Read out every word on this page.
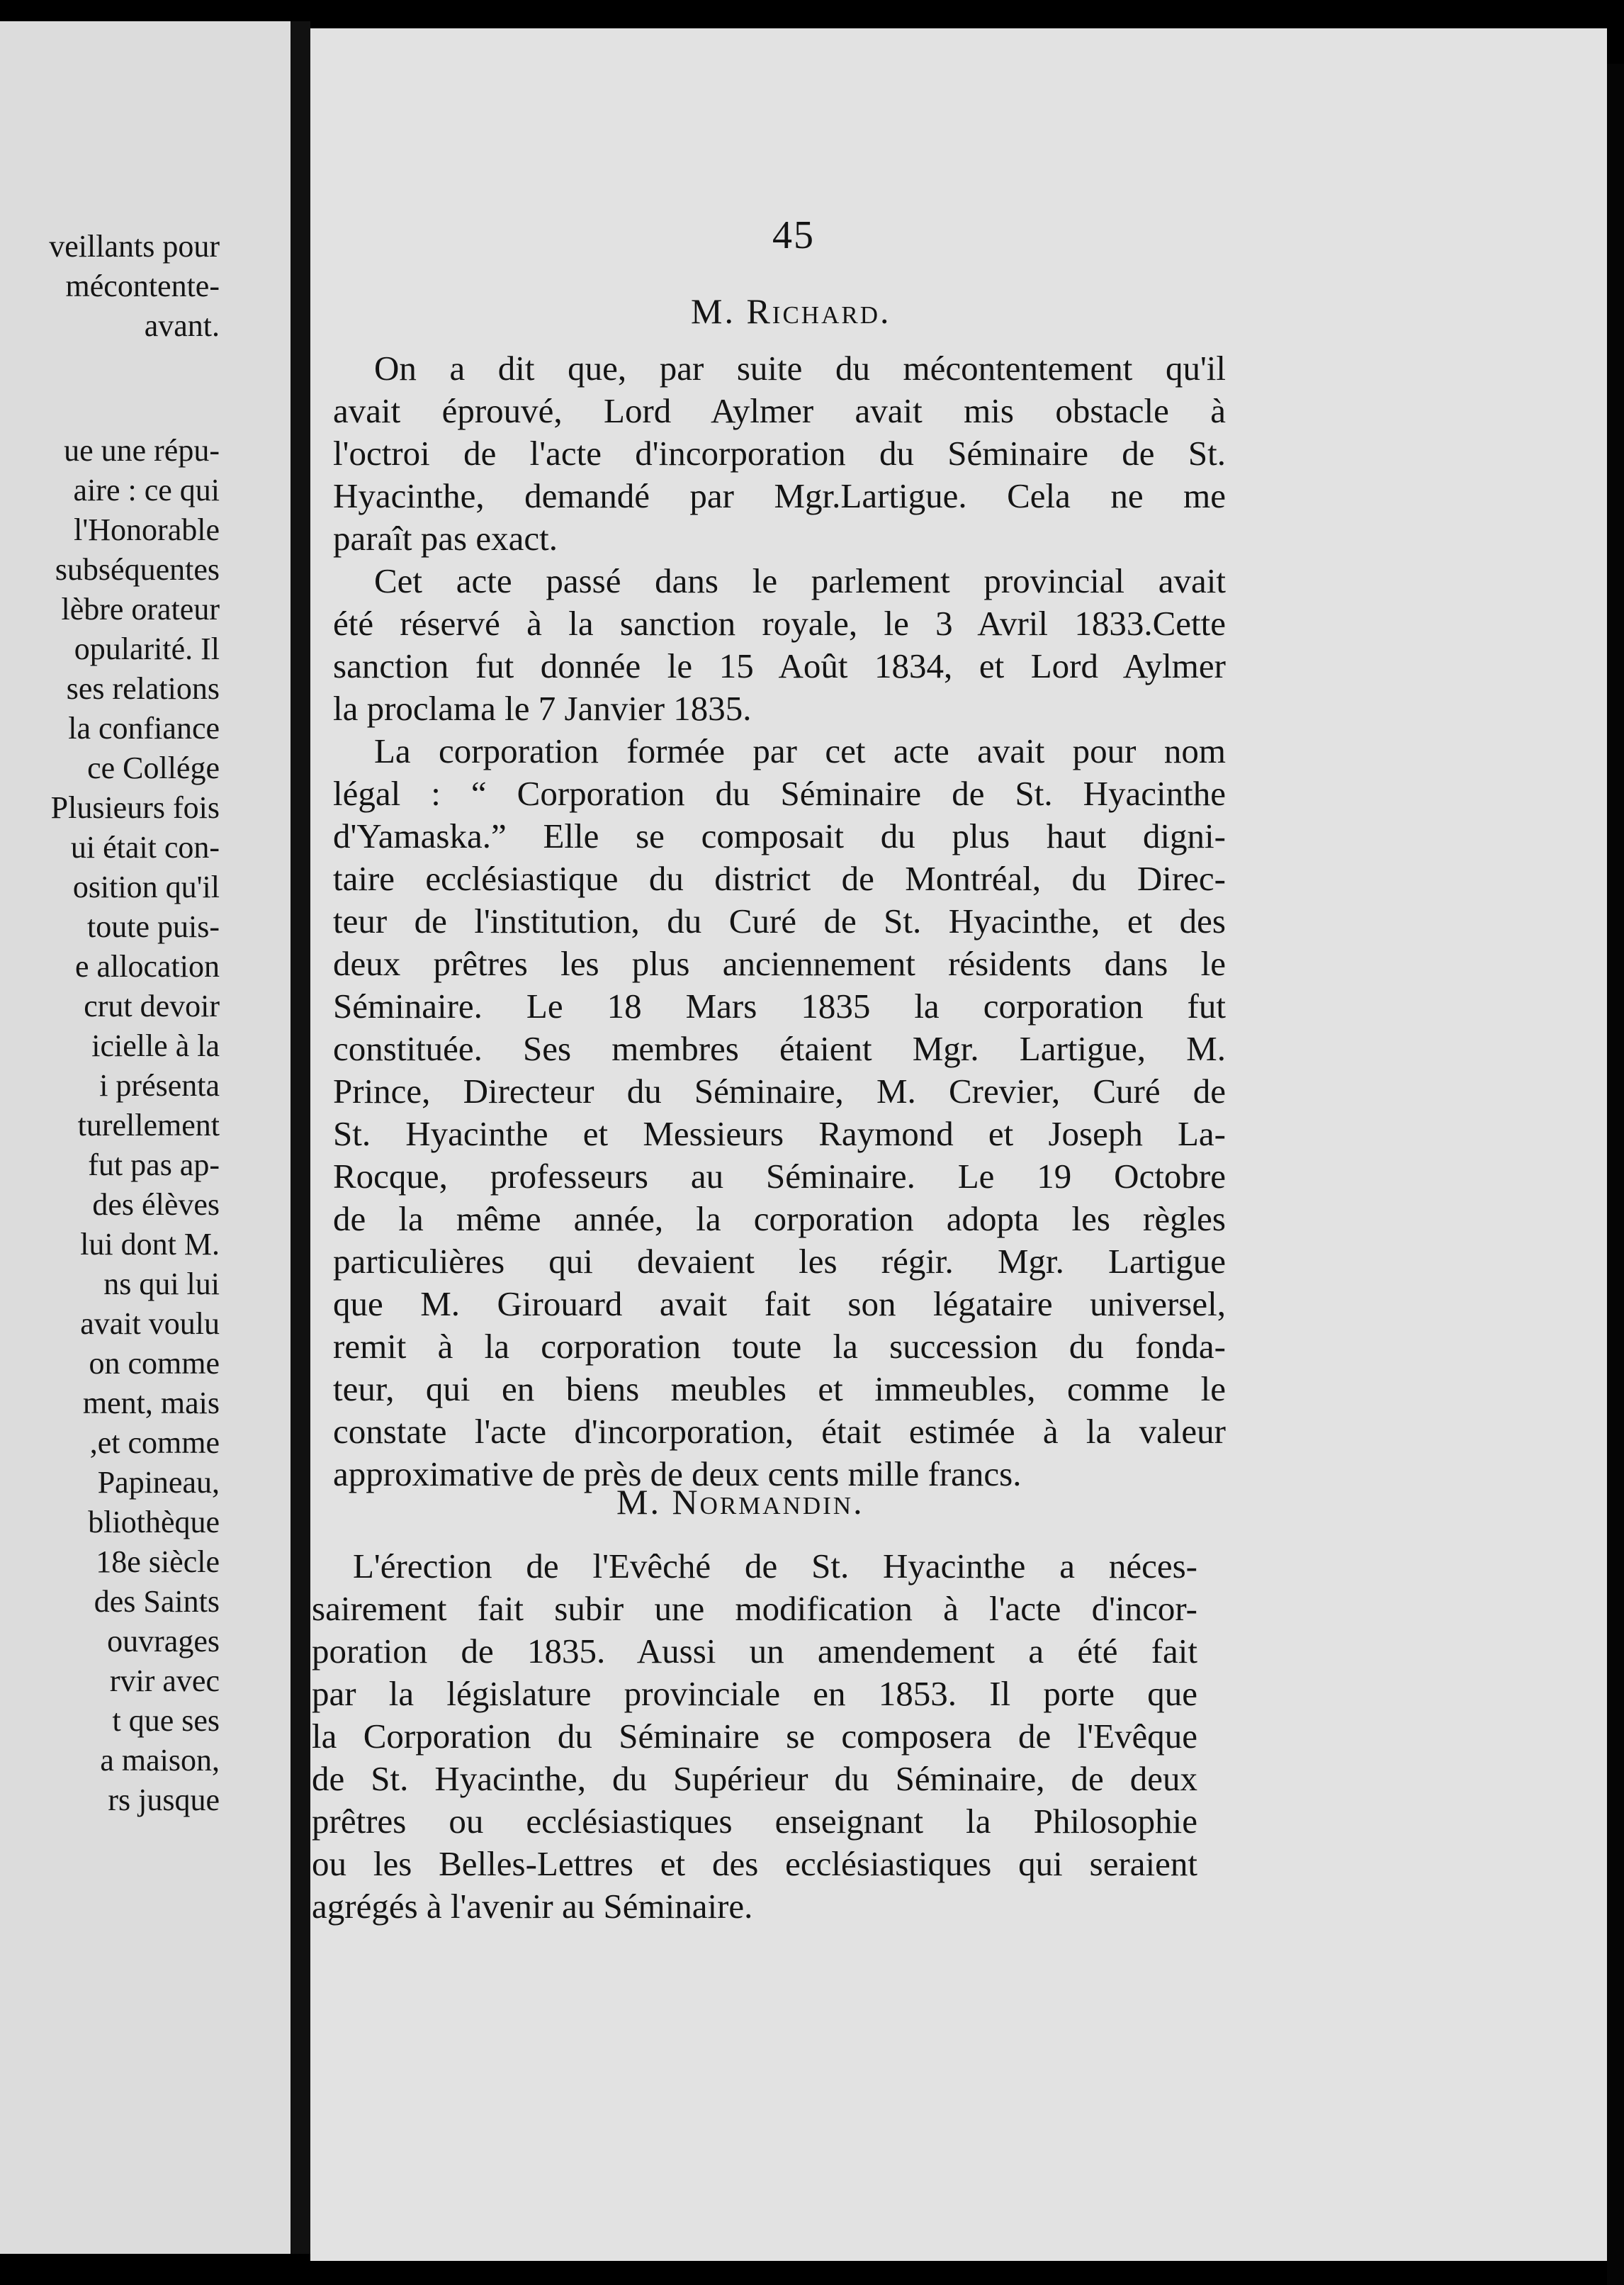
veillants pour
mécontente-
avant.
ue une répu-
aire : ce qui
l'Honorable
subséquentes
lèbre orateur
opularité. Il
ses relations
la confiance
ce Collége
Plusieurs fois
ui était con-
osition qu'il
toute puis-
e allocation
crut devoir
icielle à la
i présenta
turellement
fut pas ap-
des élèves
lui dont M.
ns qui lui
avait voulu
on comme
ment, mais
,et comme
Papineau,
bliothèque
18e siècle
des Saints
ouvrages
rvir avec
t que ses
a maison,
rs jusque
45
M. Richard.
On a dit que, par suite du mécontentement qu'il
avait éprouvé, Lord Aylmer avait mis obstacle à
l'octroi de l'acte d'incorporation du Séminaire de St.
Hyacinthe, demandé par Mgr.Lartigue. Cela ne me
paraît pas exact.
Cet acte passé dans le parlement provincial avait
été réservé à la sanction royale, le 3 Avril 1833.Cette
sanction fut donnée le 15 Août 1834, et Lord Aylmer
la proclama le 7 Janvier 1835.
La corporation formée par cet acte avait pour nom
légal : “ Corporation du Séminaire de St. Hyacinthe
d'Yamaska.” Elle se composait du plus haut digni-
taire ecclésiastique du district de Montréal, du Direc-
teur de l'institution, du Curé de St. Hyacinthe, et des
deux prêtres les plus anciennement résidents dans le
Séminaire. Le 18 Mars 1835 la corporation fut
constituée. Ses membres étaient Mgr. Lartigue, M.
Prince, Directeur du Séminaire, M. Crevier, Curé de
St. Hyacinthe et Messieurs Raymond et Joseph La-
Rocque, professeurs au Séminaire. Le 19 Octobre
de la même année, la corporation adopta les règles
particulières qui devaient les régir. Mgr. Lartigue
que M. Girouard avait fait son légataire universel,
remit à la corporation toute la succession du fonda-
teur, qui en biens meubles et immeubles, comme le
constate l'acte d'incorporation, était estimée à la valeur
approximative de près de deux cents mille francs.
M. Normandin.
L'érection de l'Evêché de St. Hyacinthe a néces-
sairement fait subir une modification à l'acte d'incor-
poration de 1835. Aussi un amendement a été fait
par la législature provinciale en 1853. Il porte que
la Corporation du Séminaire se composera de l'Evêque
de St. Hyacinthe, du Supérieur du Séminaire, de deux
prêtres ou ecclésiastiques enseignant la Philosophie
ou les Belles-Lettres et des ecclésiastiques qui seraient
agrégés à l'avenir au Séminaire.
